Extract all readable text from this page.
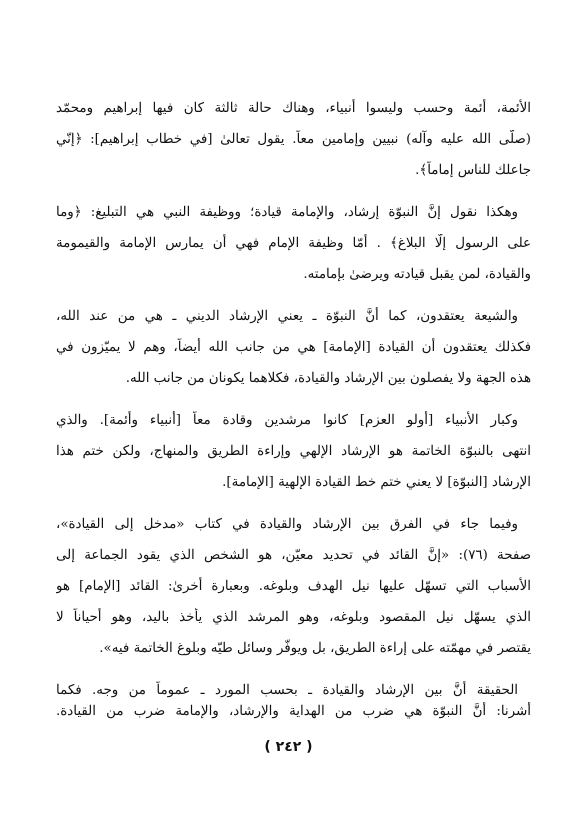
الأئمة، أئمة وحسب وليسوا أنبياء، وهناك حالة ثالثة كان فيها إبراهيم ومحمّد
(صلّى الله عليه وآله) نبيين وإمامين معاً. يقول تعالىٰ [في خطاب إبراهيم]: ﴿إنّي
جاعلك للناس إماماً﴾.
وهكذا نقول إنَّ النبوّة إرشاد، والإمامة قيادة؛ ووظيفة النبي هي التبليغ: ﴿وما
على الرسول إلّا البلاغ﴾ . أمّا وظيفة الإمام فهي أن يمارس الإمامة والقيمومة
والقيادة، لمن يقبل قيادته ويرضىٰ بإمامته.
والشيعة يعتقدون، كما أنَّ النبوّة ـ يعني الإرشاد الديني ـ هي من عند الله،
فكذلك يعتقدون أن القيادة [الإمامة] هي من جانب الله أيضاً، وهم لا يميّزون في
هذه الجهة ولا يفصلون بين الإرشاد والقيادة، فكلاهما يكونان من جانب الله.
وكبار الأنبياء [أولو العزم] كانوا مرشدين وقادة معاً [أنبياء وأئمة]. والذي
انتهى بالنبوّة الخاتمة هو الإرشاد الإلهي وإراءة الطريق والمنهاج، ولكن ختم هذا
الإرشاد [النبوّة] لا يعني ختم خط القيادة الإلهية [الإمامة].
وفيما جاء في الفرق بين الإرشاد والقيادة في كتاب «مدخل إلى القيادة»،
صفحة (٧٦): «إنَّ القائد في تحديد معيّن، هو الشخص الذي يقود الجماعة إلى
الأسباب التي تسهّل عليها نيل الهدف وبلوغه. وبعبارة أُخرىٰ: القائد [الإمام] هو
الذي يسهّل نيل المقصود وبلوغه، وهو المرشد الذي يأخذ باليد، وهو أحياناً لا
يقتصر في مهمّته على إراءة الطريق، بل ويوفّر وسائل طيّه وبلوغ الخاتمة فيه».
الحقيقة أنَّ بين الإرشاد والقيادة ـ بحسب المورد ـ عموماً من وجه. فكما
أشرنا: أنَّ النبوّة هي ضرب من الهداية والإرشاد، والإمامة ضرب من القيادة.
( ٢٤٢ )
